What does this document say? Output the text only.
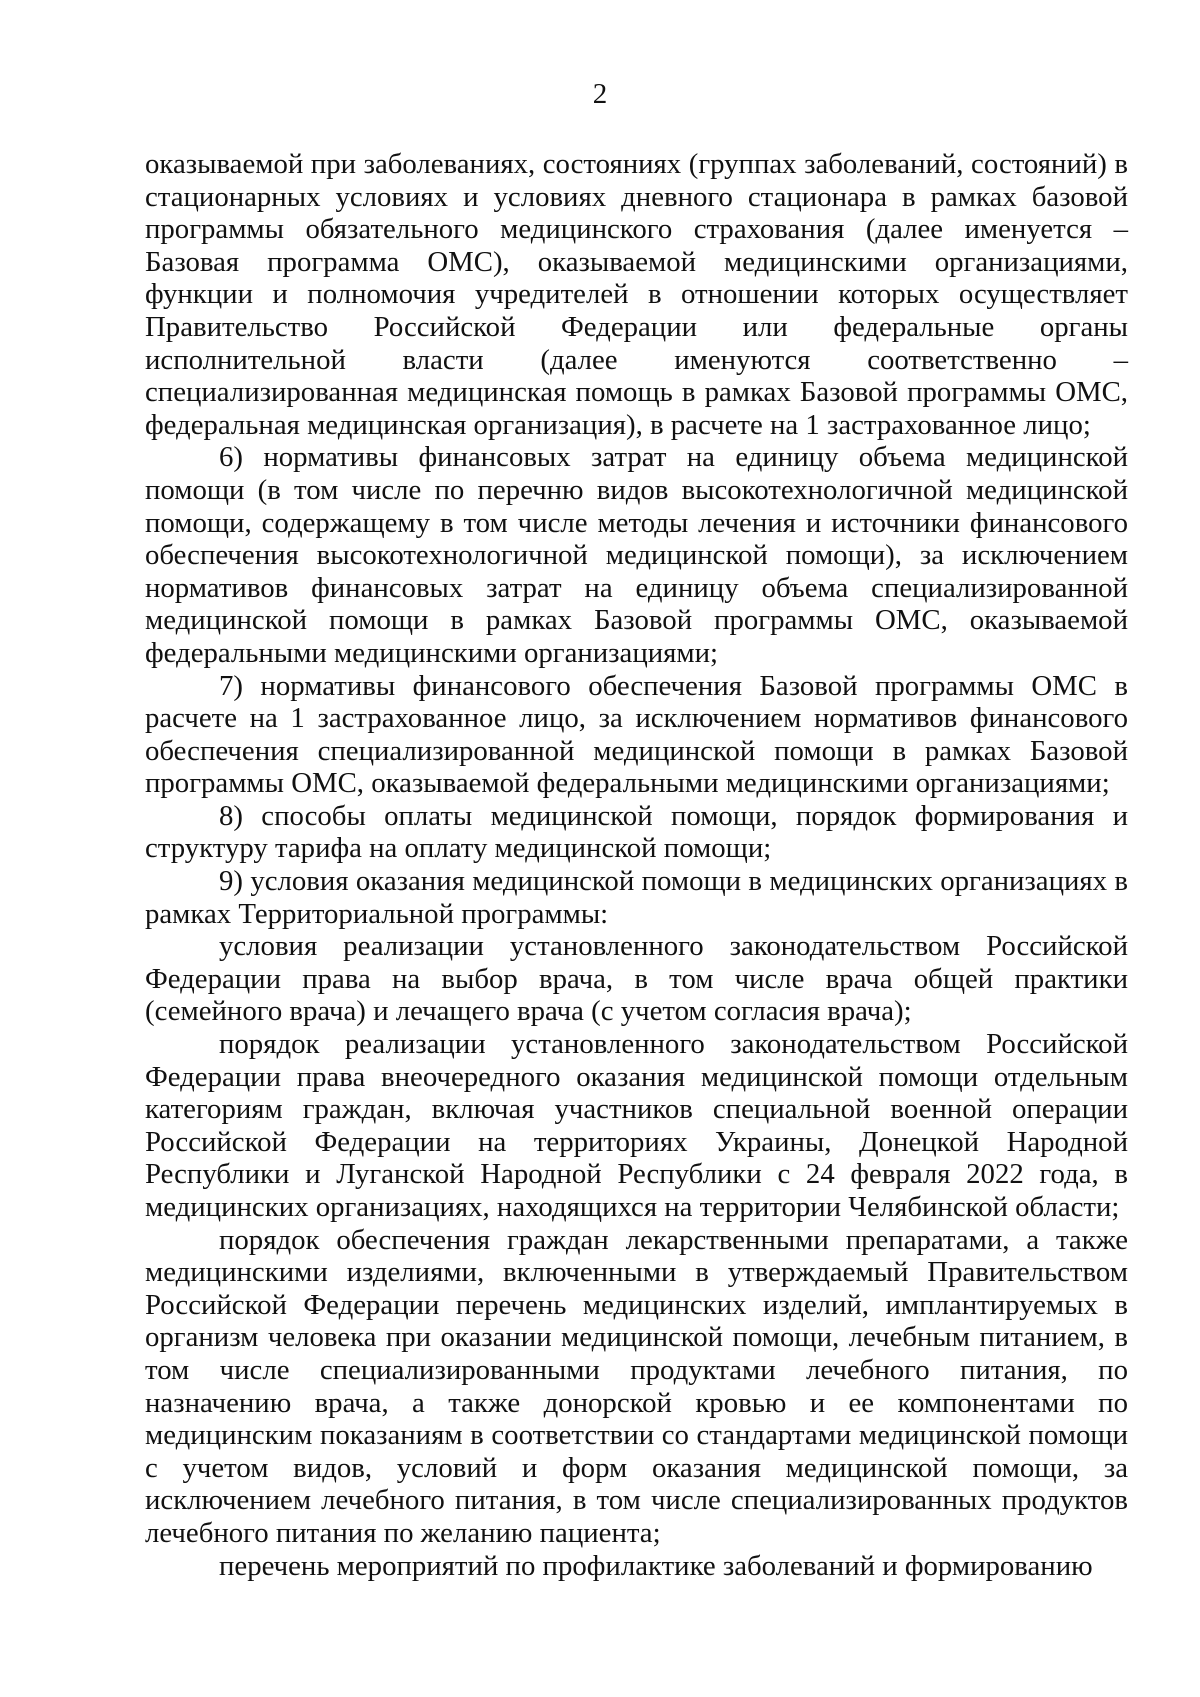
2

оказываемой при заболеваниях, состояниях (группах заболеваний, состояний) в стационарных условиях и условиях дневного стационара в рамках базовой программы обязательного медицинского страхования (далее именуется – Базовая программа ОМС), оказываемой медицинскими организациями, функции и полномочия учредителей в отношении которых осуществляет Правительство Российской Федерации или федеральные органы исполнительной власти (далее именуются соответственно – специализированная медицинская помощь в рамках Базовой программы ОМС, федеральная медицинская организация), в расчете на 1 застрахованное лицо;

6) нормативы финансовых затрат на единицу объема медицинской помощи (в том числе по перечню видов высокотехнологичной медицинской помощи, содержащему в том числе методы лечения и источники финансового обеспечения высокотехнологичной медицинской помощи), за исключением нормативов финансовых затрат на единицу объема специализированной медицинской помощи в рамках Базовой программы ОМС, оказываемой федеральными медицинскими организациями;

7) нормативы финансового обеспечения Базовой программы ОМС в расчете на 1 застрахованное лицо, за исключением нормативов финансового обеспечения специализированной медицинской помощи в рамках Базовой программы ОМС, оказываемой федеральными медицинскими организациями;

8) способы оплаты медицинской помощи, порядок формирования и структуру тарифа на оплату медицинской помощи;

9) условия оказания медицинской помощи в медицинских организациях в рамках Территориальной программы:

условия реализации установленного законодательством Российской Федерации права на выбор врача, в том числе врача общей практики (семейного врача) и лечащего врача (с учетом согласия врача);

порядок реализации установленного законодательством Российской Федерации права внеочередного оказания медицинской помощи отдельным категориям граждан, включая участников специальной военной операции Российской Федерации на территориях Украины, Донецкой Народной Республики и Луганской Народной Республики с 24 февраля 2022 года, в медицинских организациях, находящихся на территории Челябинской области;

порядок обеспечения граждан лекарственными препаратами, а также медицинскими изделиями, включенными в утверждаемый Правительством Российской Федерации перечень медицинских изделий, имплантируемых в организм человека при оказании медицинской помощи, лечебным питанием, в том числе специализированными продуктами лечебного питания, по назначению врача, а также донорской кровью и ее компонентами по медицинским показаниям в соответствии со стандартами медицинской помощи с учетом видов, условий и форм оказания медицинской помощи, за исключением лечебного питания, в том числе специализированных продуктов лечебного питания по желанию пациента;

перечень мероприятий по профилактике заболеваний и формированию
